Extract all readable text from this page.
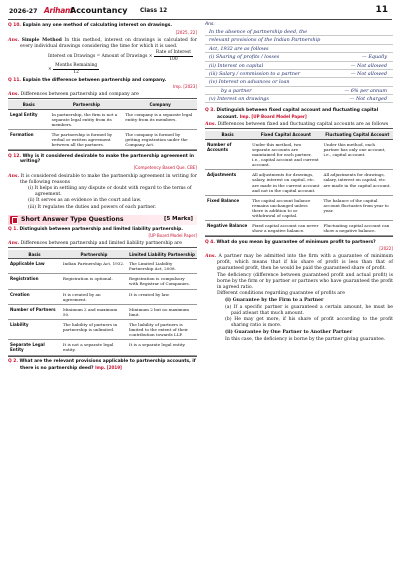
2026-27 Arihant
Accountancy Class 12	11
Q 10. Explain any one method of calculating interest on drawings.
[2025, 22]
Ans. Simple Method In this method, interest on drawings is calculated for every individual drawings considering the time for which it is used.
Interest on Drawings = Amount of Drawings × $\frac{\text{Rate of Interest}}{100}$
× $\frac{\text{Months Remaining}}{12}$
Q 11. Explain the difference between partnership and company.
Imp. [2023]
Ans. Differences between partnership and company are
Basis	Partnership	Company
Legal Entity	In partnership, the firm is not a separate legal entity from its members.	The company is a separate legal entity from its members.
Formation	The partnership is formed by verbal or written agreement between all the partners.	The company is formed by getting registration under the Company Act.
Q 12. Why is it considered desirable to make the partnership agreement in writing?
[Competency Based Que. CBE]
Ans. It is considered desirable to make the partnership agreement in writing for the following reasons
(i) It helps in settling any dispute or doubt with regard to the terms of agreement.
(ii) It serves as an evidence in the court and law.
(iii) It regulates the duties and powers of each partner.
Short Answer Type Questions	[5 Marks]
Q 1. Distinguish between partnership and limited liability partnership.
[UP Board Model Paper]
Ans. Differences between partnership and limited liability partnership are
Basis	Partnership	Limited Liability Partnership
Applicable Law	Indian Partnership Act, 1932.	The Limited Liability Partnership Act, 2008.
Registration	Registration is optional.	Registration is compulsory with Registrar of Companies.
Creation	It is created by an agreement.	It is created by law.
Number of Partners	Minimum 2 and maximum 50.	Minimum 2 but no maximum limit.
Liability	The liability of partners in partnership is unlimited.	The liability of partners is limited to the extent of their contribution towards LLP.
Separate Legal Entity	It is not a separate legal entity.	It is a separate legal entity.
Q 2. What are the relevant provisions applicable to partnership accounts, if there is no partnership deed? Imp. [2019]
Ans.
In the absence of partnership deed, the
relevant provisions of the Indian Partnership
Act, 1932 are as follows
(i) Sharing of profits / losses	— Equally
(ii) Interest on capital	— Not allowed
(iii) Salary / commission to a partner	— Not allowed
(iv) Interest on advances or loan
by a partner	— 6% per annum
(v) Interest on drawings	— Not charged
Q 3. Distinguish between fixed capital account and fluctuating capital account. Imp. [UP Board Model Paper]
Ans. Differences between fixed and fluctuating capital accounts are as follows
Basis	Fixed Capital Account	Fluctuating Capital Account
Number of Accounts	Under this method, two separate accounts are maintained for each partner, i.e., capital account and current account.	Under this method, each partner has only one account, i.e., capital account.
Adjustments	All adjustments for drawings, salary, interest on capital, etc. are made in the current account and not in the capital account.	All adjustments for drawings, salary, interest on capital, etc. are made in the capital account.
Fixed Balance	The capital account balance remains unchanged unless there is addition to or withdrawal of capital.	The balance of the capital account fluctuates from year to year.
Negative Balance	Fixed capital account can never show a negative balance.	Fluctuating capital account can show a negative balance.
Q 4. What do you mean by guarantee of minimum profit to partners?
[2022]
Ans. A partner may be admitted into the firm with a guarantee of minimum profit, which means that if his share of profit is less than that of guaranteed profit, then he would be paid the guaranteed share of profit.
The deficiency (difference between guaranteed profit and actual profit) is borne by the firm or by partner or partners who have guaranteed the profit in agreed ratio.
Different conditions regarding guarantee of profits are
(i) Guarantee by the Firm to a Partner
(a) If a specific partner is guaranteed a certain amount, he must be paid atleast that much amount.
(b) He may get more, if his share of profit according to the profit sharing ratio is more.
(ii) Guarantee by One Partner to Another Partner
In this case, the deficiency is borne by the partner giving guarantee.
